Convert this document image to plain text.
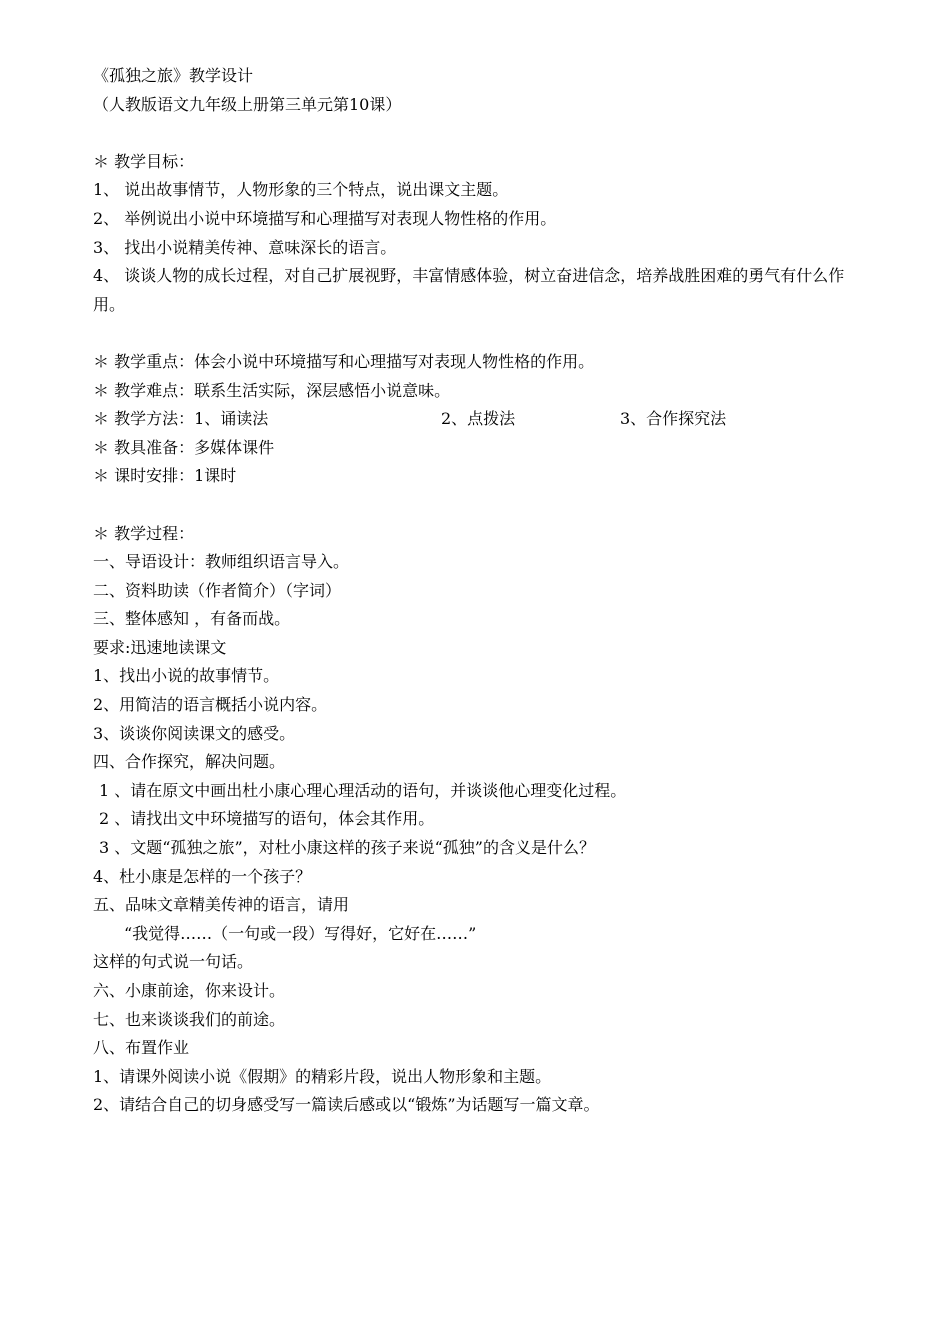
《孤独之旅》教学设计
（人教版语文九年级上册第三单元第10课）
＊ 教学目标：
1、 说出故事情节，人物形象的三个特点，说出课文主题。
2、 举例说出小说中环境描写和心理描写对表现人物性格的作用。
3、 找出小说精美传神、意味深长的语言。
4、 谈谈人物的成长过程，对自己扩展视野，丰富情感体验，树立奋进信念，培养战胜困难的勇气有什么作用。
＊ 教学重点：体会小说中环境描写和心理描写对表现人物性格的作用。
＊ 教学难点：联系生活实际，深层感悟小说意味。
＊ 教学方法：1、诵读法	2、点拨法	3、合作探究法
＊ 教具准备：多媒体课件
＊ 课时安排：1课时
＊ 教学过程：
一、导语设计：教师组织语言导入。
二、资料助读（作者简介）（字词）
三、整体感知 ，有备而战。
要求:迅速地读课文
1、找出小说的故事情节。
2、用简洁的语言概括小说内容。
3、谈谈你阅读课文的感受。
四、合作探究，解决问题。
1 、请在原文中画出杜小康心理心理活动的语句，并谈谈他心理变化过程。
2 、请找出文中环境描写的语句，体会其作用。
3 、文题“孤独之旅”，对杜小康这样的孩子来说“孤独”的含义是什么？
4、杜小康是怎样的一个孩子？
五、品味文章精美传神的语言，请用
“我觉得……（一句或一段）写得好，它好在……”
这样的句式说一句话。
六、小康前途，你来设计。
七、也来谈谈我们的前途。
八、布置作业
1、请课外阅读小说《假期》的精彩片段，说出人物形象和主题。
2、请结合自己的切身感受写一篇读后感或以“锻炼”为话题写一篇文章。
